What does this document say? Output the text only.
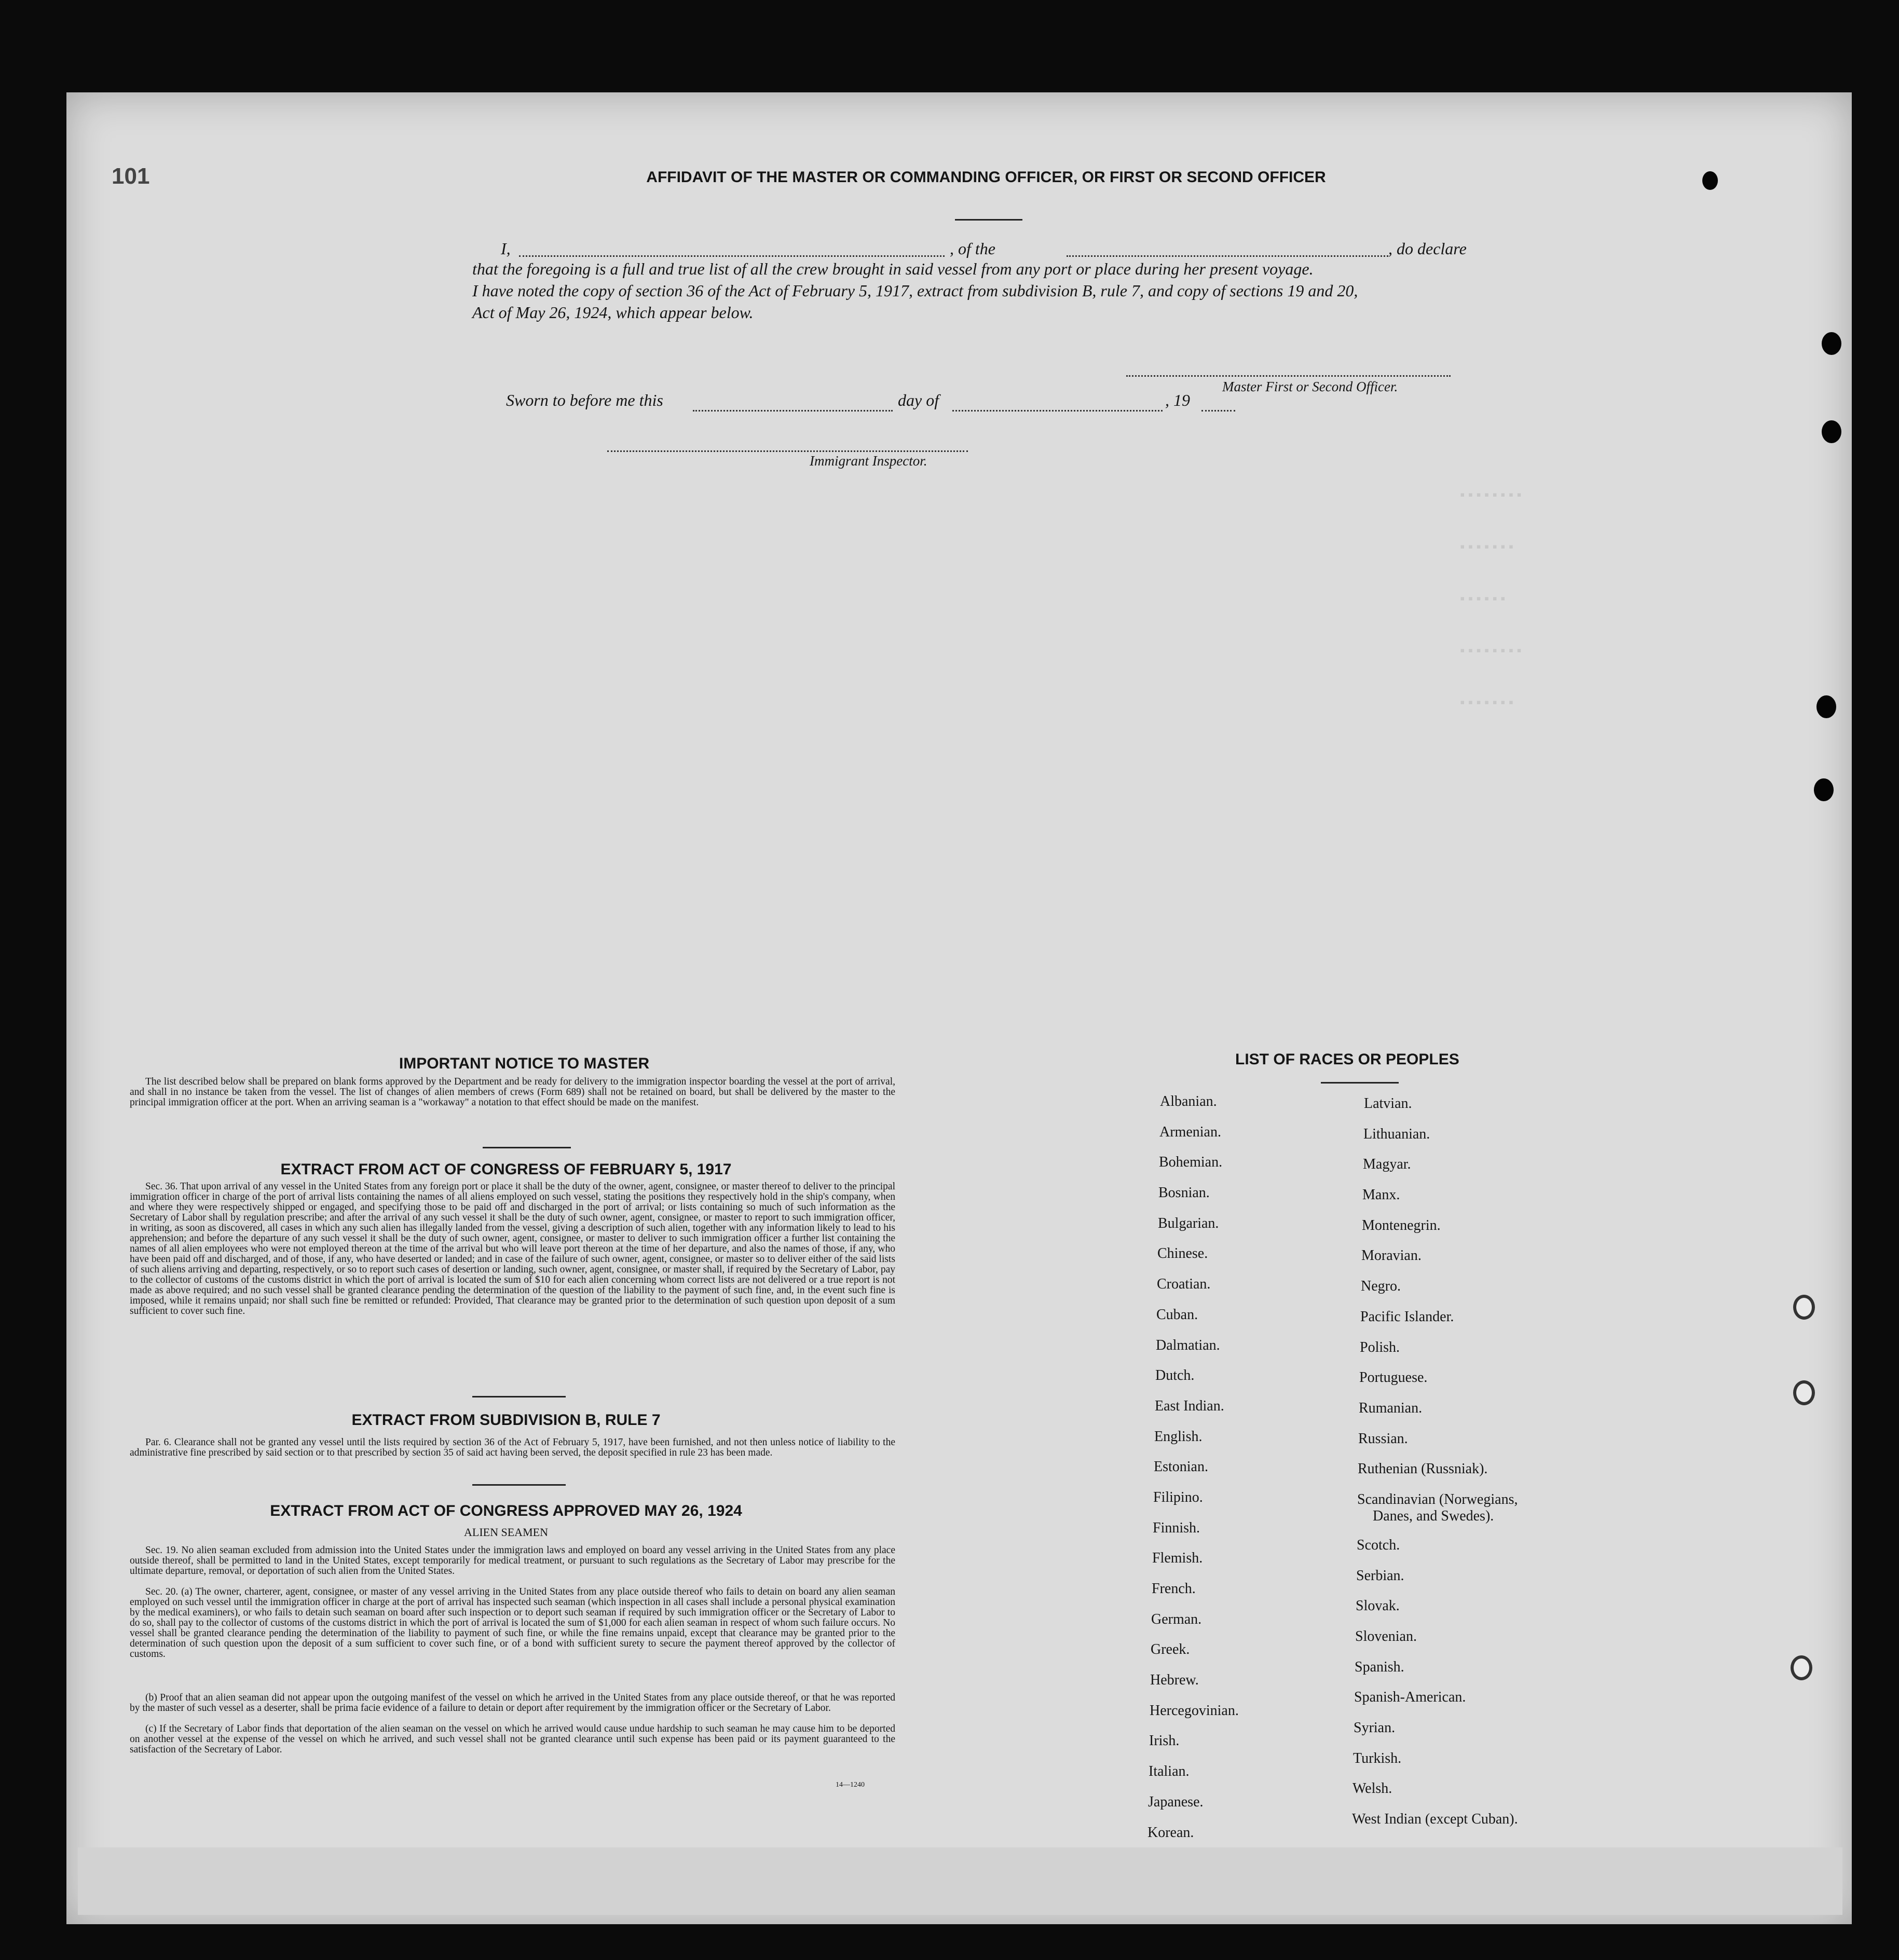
▪▪▪▪▪▪▪▪
▪▪▪▪▪▪▪
▪▪▪▪▪▪
▪▪▪▪▪▪▪▪
▪▪▪▪▪▪▪
101	AFFIDAVIT OF THE MASTER OR COMMANDING OFFICER, OR FIRST OR SECOND OFFICER
I,	, of the	, do declare
that the foregoing is a full and true list of all the crew brought in said vessel from any port or place during her present voyage.
I have noted the copy of section 36 of the Act of February 5, 1917, extract from subdivision B, rule 7, and copy of sections 19 and 20,
Act of May 26, 1924, which appear below.
Master First or Second Officer.
Sworn to before me this	day of	, 19
Immigrant Inspector.
IMPORTANT NOTICE TO MASTER
The list described below shall be prepared on blank forms approved by the Department and be ready for delivery to the immigration inspector boarding the vessel at the port of arrival, and shall in no instance be taken from the vessel. The list of changes of alien members of crews (Form 689) shall not be retained on board, but shall be delivered by the master to the principal immigration officer at the port. When an arriving seaman is a "workaway" a notation to that effect should be made on the manifest.
EXTRACT FROM ACT OF CONGRESS OF FEBRUARY 5, 1917
Sec. 36. That upon arrival of any vessel in the United States from any foreign port or place it shall be the duty of the owner, agent, consignee, or master thereof to deliver to the principal immigration officer in charge of the port of arrival lists containing the names of all aliens employed on such vessel, stating the positions they respectively hold in the ship's company, when and where they were respectively shipped or engaged, and specifying those to be paid off and discharged in the port of arrival; or lists containing so much of such information as the Secretary of Labor shall by regulation prescribe; and after the arrival of any such vessel it shall be the duty of such owner, agent, consignee, or master to report to such immigration officer, in writing, as soon as discovered, all cases in which any such alien has illegally landed from the vessel, giving a description of such alien, together with any information likely to lead to his apprehension; and before the departure of any such vessel it shall be the duty of such owner, agent, consignee, or master to deliver to such immigration officer a further list containing the names of all alien employees who were not employed thereon at the time of the arrival but who will leave port thereon at the time of her departure, and also the names of those, if any, who have been paid off and discharged, and of those, if any, who have deserted or landed; and in case of the failure of such owner, agent, consignee, or master so to deliver either of the said lists of such aliens arriving and departing, respectively, or so to report such cases of desertion or landing, such owner, agent, consignee, or master shall, if required by the Secretary of Labor, pay to the collector of customs of the customs district in which the port of arrival is located the sum of $10 for each alien concerning whom correct lists are not delivered or a true report is not made as above required; and no such vessel shall be granted clearance pending the determination of the question of the liability to the payment of such fine, and, in the event such fine is imposed, while it remains unpaid; nor shall such fine be remitted or refunded: Provided, That clearance may be granted prior to the determination of such question upon deposit of a sum sufficient to cover such fine.
EXTRACT FROM SUBDIVISION B, RULE 7
Par. 6. Clearance shall not be granted any vessel until the lists required by section 36 of the Act of February 5, 1917, have been furnished, and not then unless notice of liability to the administrative fine prescribed by said section or to that prescribed by section 35 of said act having been served, the deposit specified in rule 23 has been made.
EXTRACT FROM ACT OF CONGRESS APPROVED MAY 26, 1924
ALIEN SEAMEN
Sec. 19. No alien seaman excluded from admission into the United States under the immigration laws and employed on board any vessel arriving in the United States from any place outside thereof, shall be permitted to land in the United States, except temporarily for medical treatment, or pursuant to such regulations as the Secretary of Labor may prescribe for the ultimate departure, removal, or deportation of such alien from the United States.
Sec. 20. (a) The owner, charterer, agent, consignee, or master of any vessel arriving in the United States from any place outside thereof who fails to detain on board any alien seaman employed on such vessel until the immigration officer in charge at the port of arrival has inspected such seaman (which inspection in all cases shall include a personal physical examination by the medical examiners), or who fails to detain such seaman on board after such inspection or to deport such seaman if required by such immigration officer or the Secretary of Labor to do so, shall pay to the collector of customs of the customs district in which the port of arrival is located the sum of $1,000 for each alien seaman in respect of whom such failure occurs. No vessel shall be granted clearance pending the determination of the liability to payment of such fine, or while the fine remains unpaid, except that clearance may be granted prior to the determination of such question upon the deposit of a sum sufficient to cover such fine, or of a bond with sufficient surety to secure the payment thereof approved by the collector of customs.
(b) Proof that an alien seaman did not appear upon the outgoing manifest of the vessel on which he arrived in the United States from any place outside thereof, or that he was reported by the master of such vessel as a deserter, shall be prima facie evidence of a failure to detain or deport after requirement by the immigration officer or the Secretary of Labor.
(c) If the Secretary of Labor finds that deportation of the alien seaman on the vessel on which he arrived would cause undue hardship to such seaman he may cause him to be deported on another vessel at the expense of the vessel on which he arrived, and such vessel shall not be granted clearance until such expense has been paid or its payment guaranteed to the satisfaction of the Secretary of Labor.
14—1240
LIST OF RACES OR PEOPLES
Albanian.
Armenian.
Bohemian.
Bosnian.
Bulgarian.
Chinese.
Croatian.
Cuban.
Dalmatian.
Dutch.
East Indian.
English.
Estonian.
Filipino.
Finnish.
Flemish.
French.
German.
Greek.
Hebrew.
Hercegovinian.
Irish.
Italian.
Japanese.
Korean.
Latvian.
Lithuanian.
Magyar.
Manx.
Montenegrin.
Moravian.
Negro.
Pacific Islander.
Polish.
Portuguese.
Rumanian.
Russian.
Ruthenian (Russniak).
Scandinavian (Norwegians,
Danes, and Swedes).
Scotch.
Serbian.
Slovak.
Slovenian.
Spanish.
Spanish-American.
Syrian.
Turkish.
Welsh.
West Indian (except Cuban).
